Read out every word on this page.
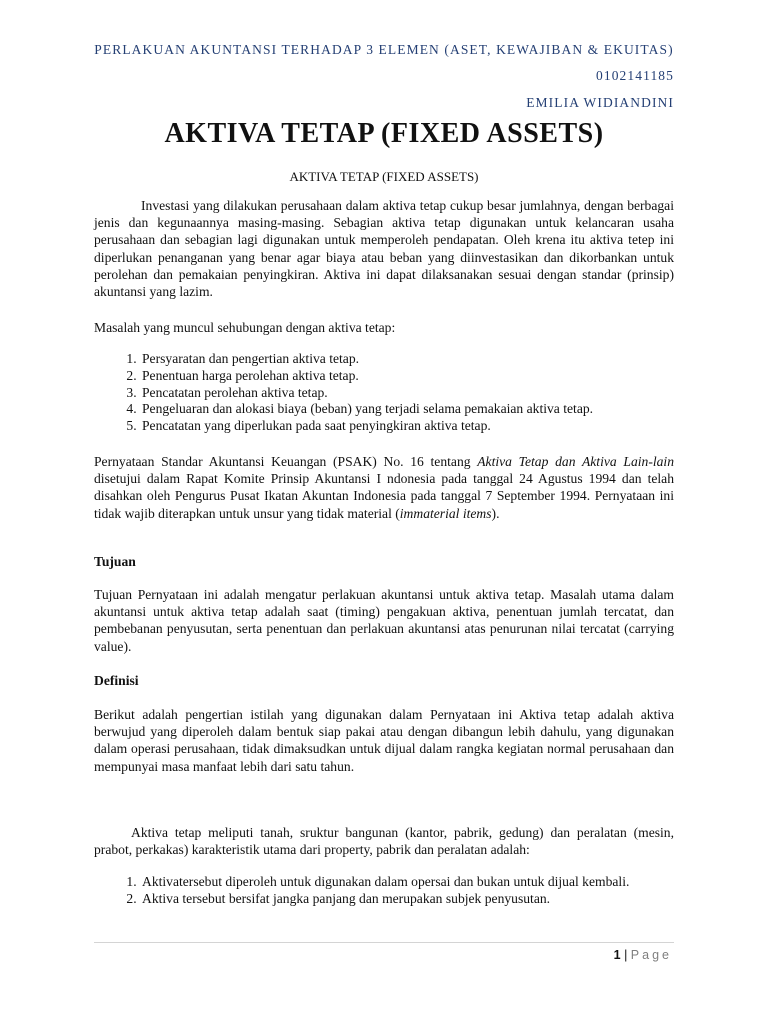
PERLAKUAN AKUNTANSI TERHADAP 3 ELEMEN (ASET, KEWAJIBAN & EKUITAS)
0102141185
EMILIA WIDIANDINI
AKTIVA TETAP (FIXED ASSETS)
AKTIVA TETAP (FIXED ASSETS)

Investasi yang dilakukan perusahaan dalam aktiva tetap cukup besar jumlahnya, dengan berbagai jenis dan kegunaannya masing-masing. Sebagian aktiva tetap digunakan untuk kelancaran usaha perusahaan dan sebagian lagi digunakan untuk memperoleh pendapatan. Oleh krena itu aktiva tetep ini diperlukan penanganan yang benar agar biaya atau beban yang diinvestasikan dan dikorbankan untuk perolehan dan pemakaian penyingkiran. Aktiva ini dapat dilaksanakan sesuai dengan standar (prinsip) akuntansi yang lazim.

Masalah yang muncul sehubungan dengan aktiva tetap:

1. Persyaratan dan pengertian aktiva tetap.
2. Penentuan harga perolehan aktiva tetap.
3. Pencatatan perolehan aktiva tetap.
4. Pengeluaran dan alokasi biaya (beban) yang terjadi selama pemakaian aktiva tetap.
5. Pencatatan yang diperlukan pada saat penyingkiran aktiva tetap.

Pernyataan Standar Akuntansi Keuangan (PSAK) No. 16 tentang Aktiva Tetap dan Aktiva Lain-lain disetujui dalam Rapat Komite Prinsip Akuntansi I ndonesia pada tanggal 24 Agustus 1994 dan telah disahkan oleh Pengurus Pusat Ikatan Akuntan Indonesia pada tanggal 7 September 1994. Pernyataan ini tidak wajib diterapkan untuk unsur yang tidak material (immaterial items).

Tujuan

Tujuan Pernyataan ini adalah mengatur perlakuan akuntansi untuk aktiva tetap. Masalah utama dalam akuntansi untuk aktiva tetap adalah saat (timing) pengakuan aktiva, penentuan jumlah tercatat, dan pembebanan penyusutan, serta penentuan dan perlakuan akuntansi atas penurunan nilai tercatat (carrying value).

Definisi

Berikut adalah pengertian istilah yang digunakan dalam Pernyataan ini Aktiva tetap adalah aktiva berwujud yang diperoleh dalam bentuk siap pakai atau dengan dibangun lebih dahulu, yang digunakan dalam operasi perusahaan, tidak dimaksudkan untuk dijual dalam rangka kegiatan normal perusahaan dan mempunyai masa manfaat lebih dari satu tahun.

Aktiva tetap meliputi tanah, sruktur bangunan (kantor, pabrik, gedung) dan peralatan (mesin, prabot, perkakas) karakteristik utama dari property, pabrik dan peralatan adalah:

1. Aktivatersebut diperoleh untuk digunakan dalam opersai dan bukan untuk dijual kembali.
2. Aktiva tersebut bersifat jangka panjang dan merupakan subjek penyusutan.
1 | Page
